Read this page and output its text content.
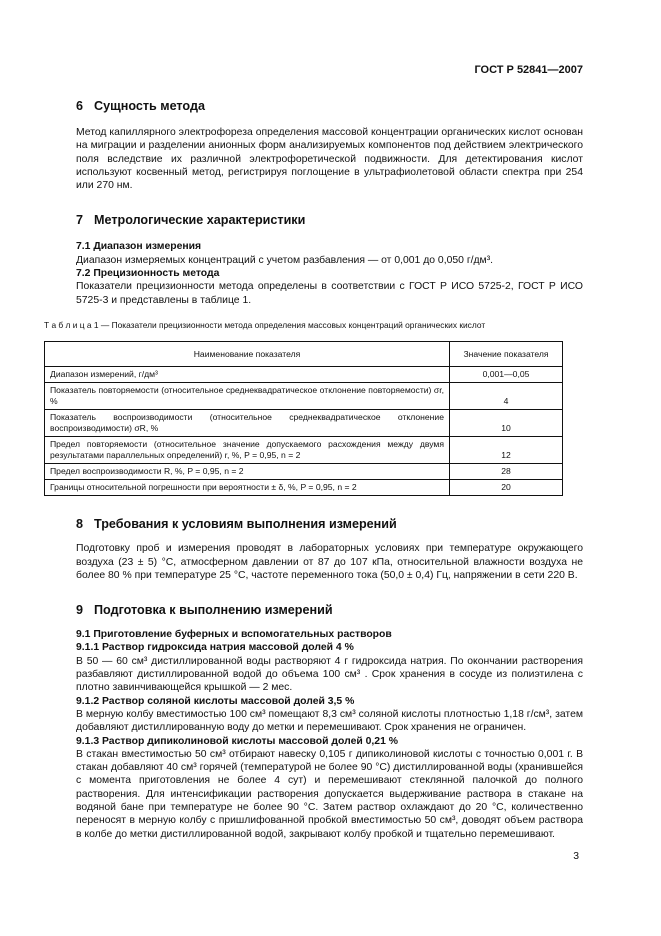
ГОСТ Р 52841—2007
6 Сущность метода

Метод капиллярного электрофореза определения массовой концентрации органических кислот основан на миграции и разделении анионных форм анализируемых компонентов под действием электрического поля вследствие их различной электрофоретической подвижности. Для детектирования кислот используют косвенный метод, регистрируя поглощение в ультрафиолетовой области спектра при 254 или 270 нм.

7 Метрологические характеристики

7.1 Диапазон измерения

Диапазон измеряемых концентраций с учетом разбавления — от 0,001 до 0,050 г/дм³.

7.2 Прецизионность метода

Показатели прецизионности метода определены в соответствии с ГОСТ Р ИСО 5725-2, ГОСТ Р ИСО 5725-3 и представлены в таблице 1.

Т а б л и ц а 1 — Показатели прецизионности метода определения массовых концентраций органических кислот

Наименование показателя	Значение показателя
Диапазон измерений, г/дм³	0,001—0,05
Показатель повторяемости (относительное среднеквадратическое отклонение повторяемости) σr, %	4
Показатель воспроизводимости (относительное среднеквадратическое отклонение воспроизводимости) σR, %	10
Предел повторяемости (относительное значение допускаемого расхождения между двумя результатами параллельных определений) r, %, P = 0,95, n = 2	12
Предел воспроизводимости R, %, P = 0,95, n = 2	28
Границы относительной погрешности при вероятности ± δ, %, P = 0,95, n = 2	20
8 Требования к условиям выполнения измерений

Подготовку проб и измерения проводят в лабораторных условиях при температуре окружающего воздуха (23 ± 5) °С, атмосферном давлении от 87 до 107 кПа, относительной влажности воздуха не более 80 % при температуре 25 °С, частоте переменного тока (50,0 ± 0,4) Гц, напряжении в сети 220 В.

9 Подготовка к выполнению измерений

9.1 Приготовление буферных и вспомогательных растворов

9.1.1 Раствор гидроксида натрия массовой долей 4 %

В 50 — 60 см³ дистиллированной воды растворяют 4 г гидроксида натрия. По окончании растворения разбавляют дистиллированной водой до объема 100 см³ . Срок хранения в сосуде из полиэтилена с плотно завинчивающейся крышкой — 2 мес.

9.1.2 Раствор соляной кислоты массовой долей 3,5 %

В мерную колбу вместимостью 100 см³ помещают 8,3 см³ соляной кислоты плотностью 1,18 г/см³, затем добавляют дистиллированную воду до метки и перемешивают. Срок хранения не ограничен.

9.1.3 Раствор дипиколиновой кислоты массовой долей 0,21 %

В стакан вместимостью 50 см³ отбирают навеску 0,105 г дипиколиновой кислоты с точностью 0,001 г. В стакан добавляют 40 см³ горячей (температурой не более 90 °С) дистиллированной воды (хранившейся с момента приготовления не более 4 сут) и перемешивают стеклянной палочкой до полного растворения. Для интенсификации растворения допускается выдерживание раствора в стакане на водяной бане при температуре не более 90 °С. Затем раствор охлаждают до 20 °С, количественно переносят в мерную колбу с пришлифованной пробкой вместимостью 50 см³, доводят объем раствора в колбе до метки дистиллированной водой, закрывают колбу пробкой и тщательно перемешивают.

3
